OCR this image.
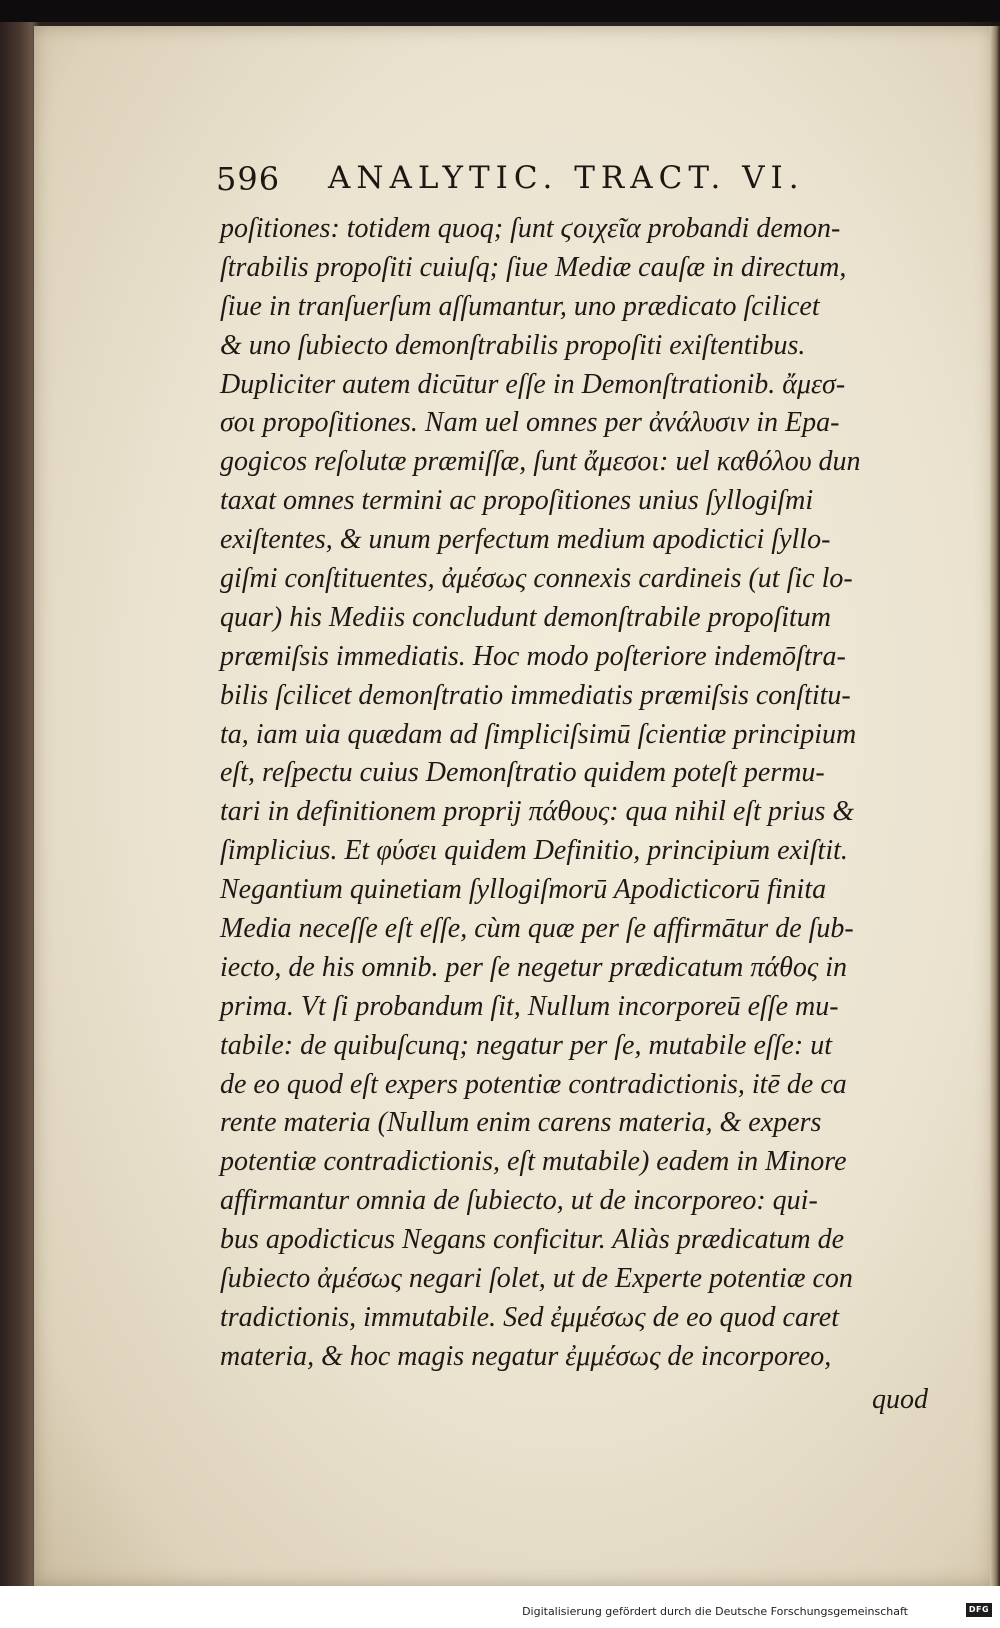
596 ANALYTIC. TRACT. VI.
poſitiones: totidem quoq; ſunt ϛοιχεῖα probandi demon-
ſtrabilis propoſiti cuiuſq; ſiue Mediæ cauſæ in directum,
ſiue in tranſuerſum aſſumantur, uno prædicato ſcilicet
& uno ſubiecto demonſtrabilis propoſiti exiſtentibus.
Dupliciter autem dicūtur eſſe in Demonſtrationib. ἄμεσ-
σοι propoſitiones. Nam uel omnes per ἀνάλυσιν in Epa-
gogicos reſolutæ præmiſſæ, ſunt ἄμεσοι: uel καθόλου dun
taxat omnes termini ac propoſitiones unius ſyllogiſmi
exiſtentes, & unum perfectum medium apodictici ſyllo-
giſmi conſtituentes, ἀμέσως connexis cardineis (ut ſic lo-
quar) his Mediis concludunt demonſtrabile propoſitum
præmiſsis immediatis. Hoc modo poſteriore indemōſtra-
bilis ſcilicet demonſtratio immediatis præmiſsis conſtitu-
ta, iam uia quædam ad ſimpliciſsimū ſcientiæ principium
eſt, reſpectu cuius Demonſtratio quidem poteſt permu-
tari in definitionem proprij πάθους: qua nihil eſt prius &
ſimplicius. Et φύσει quidem Definitio, principium exiſtit.
Negantium quinetiam ſyllogiſmorū Apodicticorū finita
Media neceſſe eſt eſſe, cùm quæ per ſe affirmātur de ſub-
iecto, de his omnib. per ſe negetur prædicatum πάθος in
prima. Vt ſi probandum ſit, Nullum incorporeū eſſe mu-
tabile: de quibuſcunq; negatur per ſe, mutabile eſſe: ut
de eo quod eſt expers potentiæ contradictionis, itē de ca
rente materia (Nullum enim carens materia, & expers
potentiæ contradictionis, eſt mutabile) eadem in Minore
affirmantur omnia de ſubiecto, ut de incorporeo: qui-
bus apodicticus Negans conficitur. Aliàs prædicatum de
ſubiecto ἀμέσως negari ſolet, ut de Experte potentiæ con
tradictionis, immutabile. Sed ἐμμέσως de eo quod caret
materia, & hoc magis negatur ἐμμέσως de incorporeo,
quod
Digitalisierung gefördert durch die Deutsche Forschungsgemeinschaft	DFG
